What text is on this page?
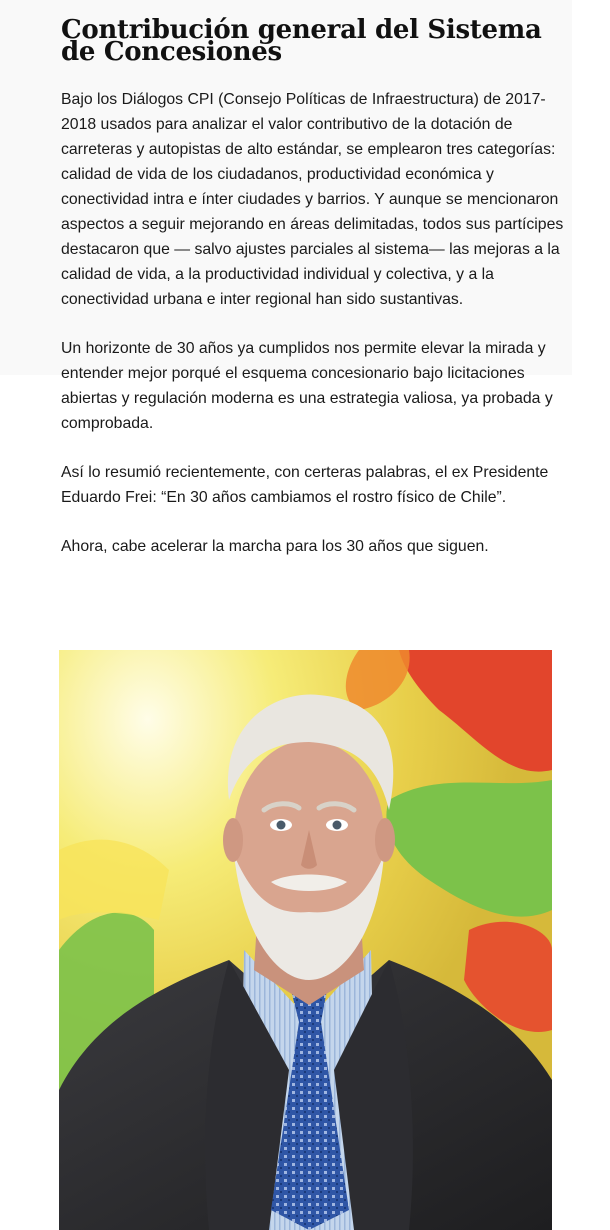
Contribución general del Sistema de Concesiones

Bajo los Diálogos CPI (Consejo Políticas de Infraestructura) de 2017-2018 usados para analizar el valor contributivo de la dotación de carreteras y autopistas de alto estándar, se emplearon tres categorías: calidad de vida de los ciudadanos, productividad económica y conectividad intra e ínter ciudades y barrios. Y aunque se mencionaron aspectos a seguir mejorando en áreas delimitadas, todos sus partícipes destacaron que — salvo ajustes parciales al sistema— las mejoras a la calidad de vida, a la productividad individual y colectiva, y a la conectividad urbana e inter regional han sido sustantivas.

Un horizonte de 30 años ya cumplidos nos permite elevar la mirada y entender mejor porqué el esquema concesionario bajo licitaciones abiertas y regulación moderna es una estrategia valiosa, ya probada y comprobada.

Así lo resumió recientemente, con certeras palabras, el ex Presidente Eduardo Frei: “En 30 años cambiamos el rostro físico de Chile”.

Ahora, cabe acelerar la marcha para los 30 años que siguen.
